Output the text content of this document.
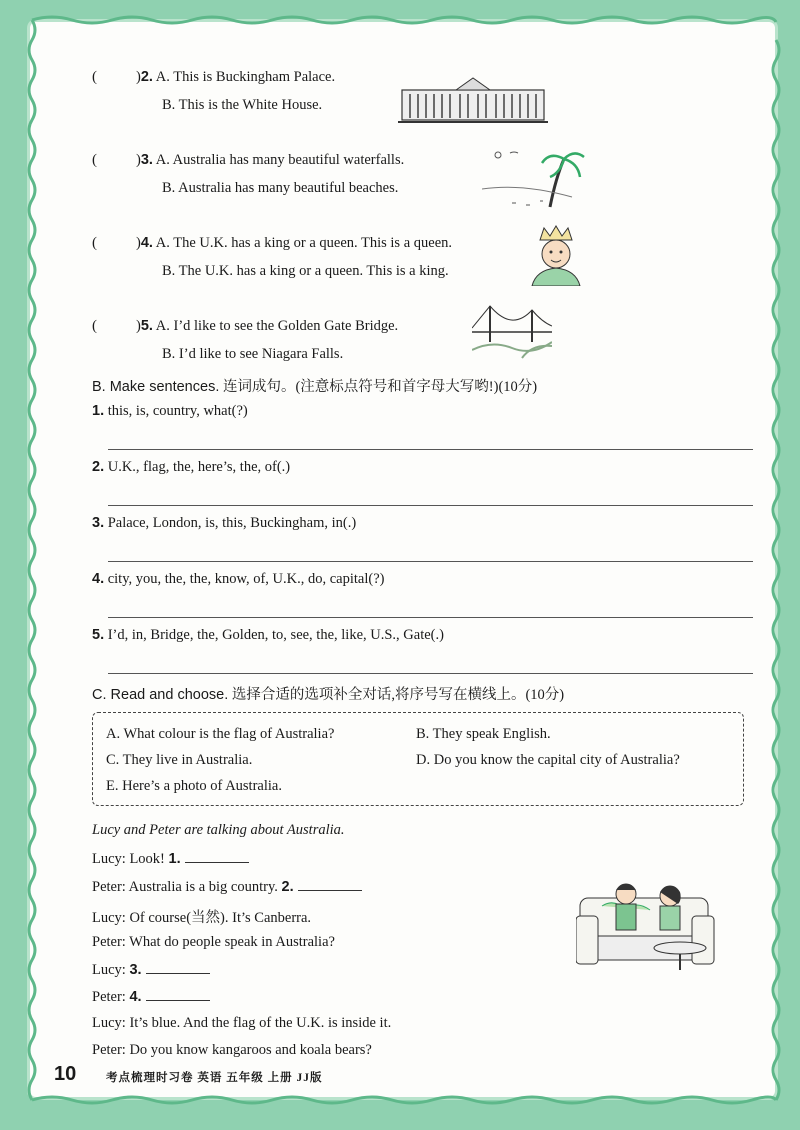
(	)2. A. This is Buckingham Palace.
B. This is the White House.
(	)3. A. Australia has many beautiful waterfalls.
B. Australia has many beautiful beaches.
(	)4. A. The U.K. has a king or a queen. This is a queen.
B. The U.K. has a king or a queen. This is a king.
(	)5. A. I’d like to see the Golden Gate Bridge.
B. I’d like to see Niagara Falls.
B. Make sentences. 连词成句。(注意标点符号和首字母大写哟!)(10分)
1. this, is, country, what(?)
2. U.K., flag, the, here’s, the, of(.)
3. Palace, London, is, this, Buckingham, in(.)
4. city, you, the, the, know, of, U.K., do, capital(?)
5. I’d, in, Bridge, the, Golden, to, see, the, like, U.S., Gate(.)
C. Read and choose. 选择合适的选项补全对话,将序号写在横线上。(10分)
A. What colour is the flag of Australia?	B. They speak English.
C. They live in Australia.	D. Do you know the capital city of Australia?
E. Here’s a photo of Australia.
Lucy and Peter are talking about Australia.
Lucy: Look! 1.
Peter: Australia is a big country. 2.
Lucy: Of course(当然). It’s Canberra.
Peter: What do people speak in Australia?
Lucy: 3.
Peter: 4.
Lucy: It’s blue. And the flag of the U.K. is inside it.
Peter: Do you know kangaroos and koala bears?
10	考点梳理时习卷 英语 五年级 上册 JJ版
